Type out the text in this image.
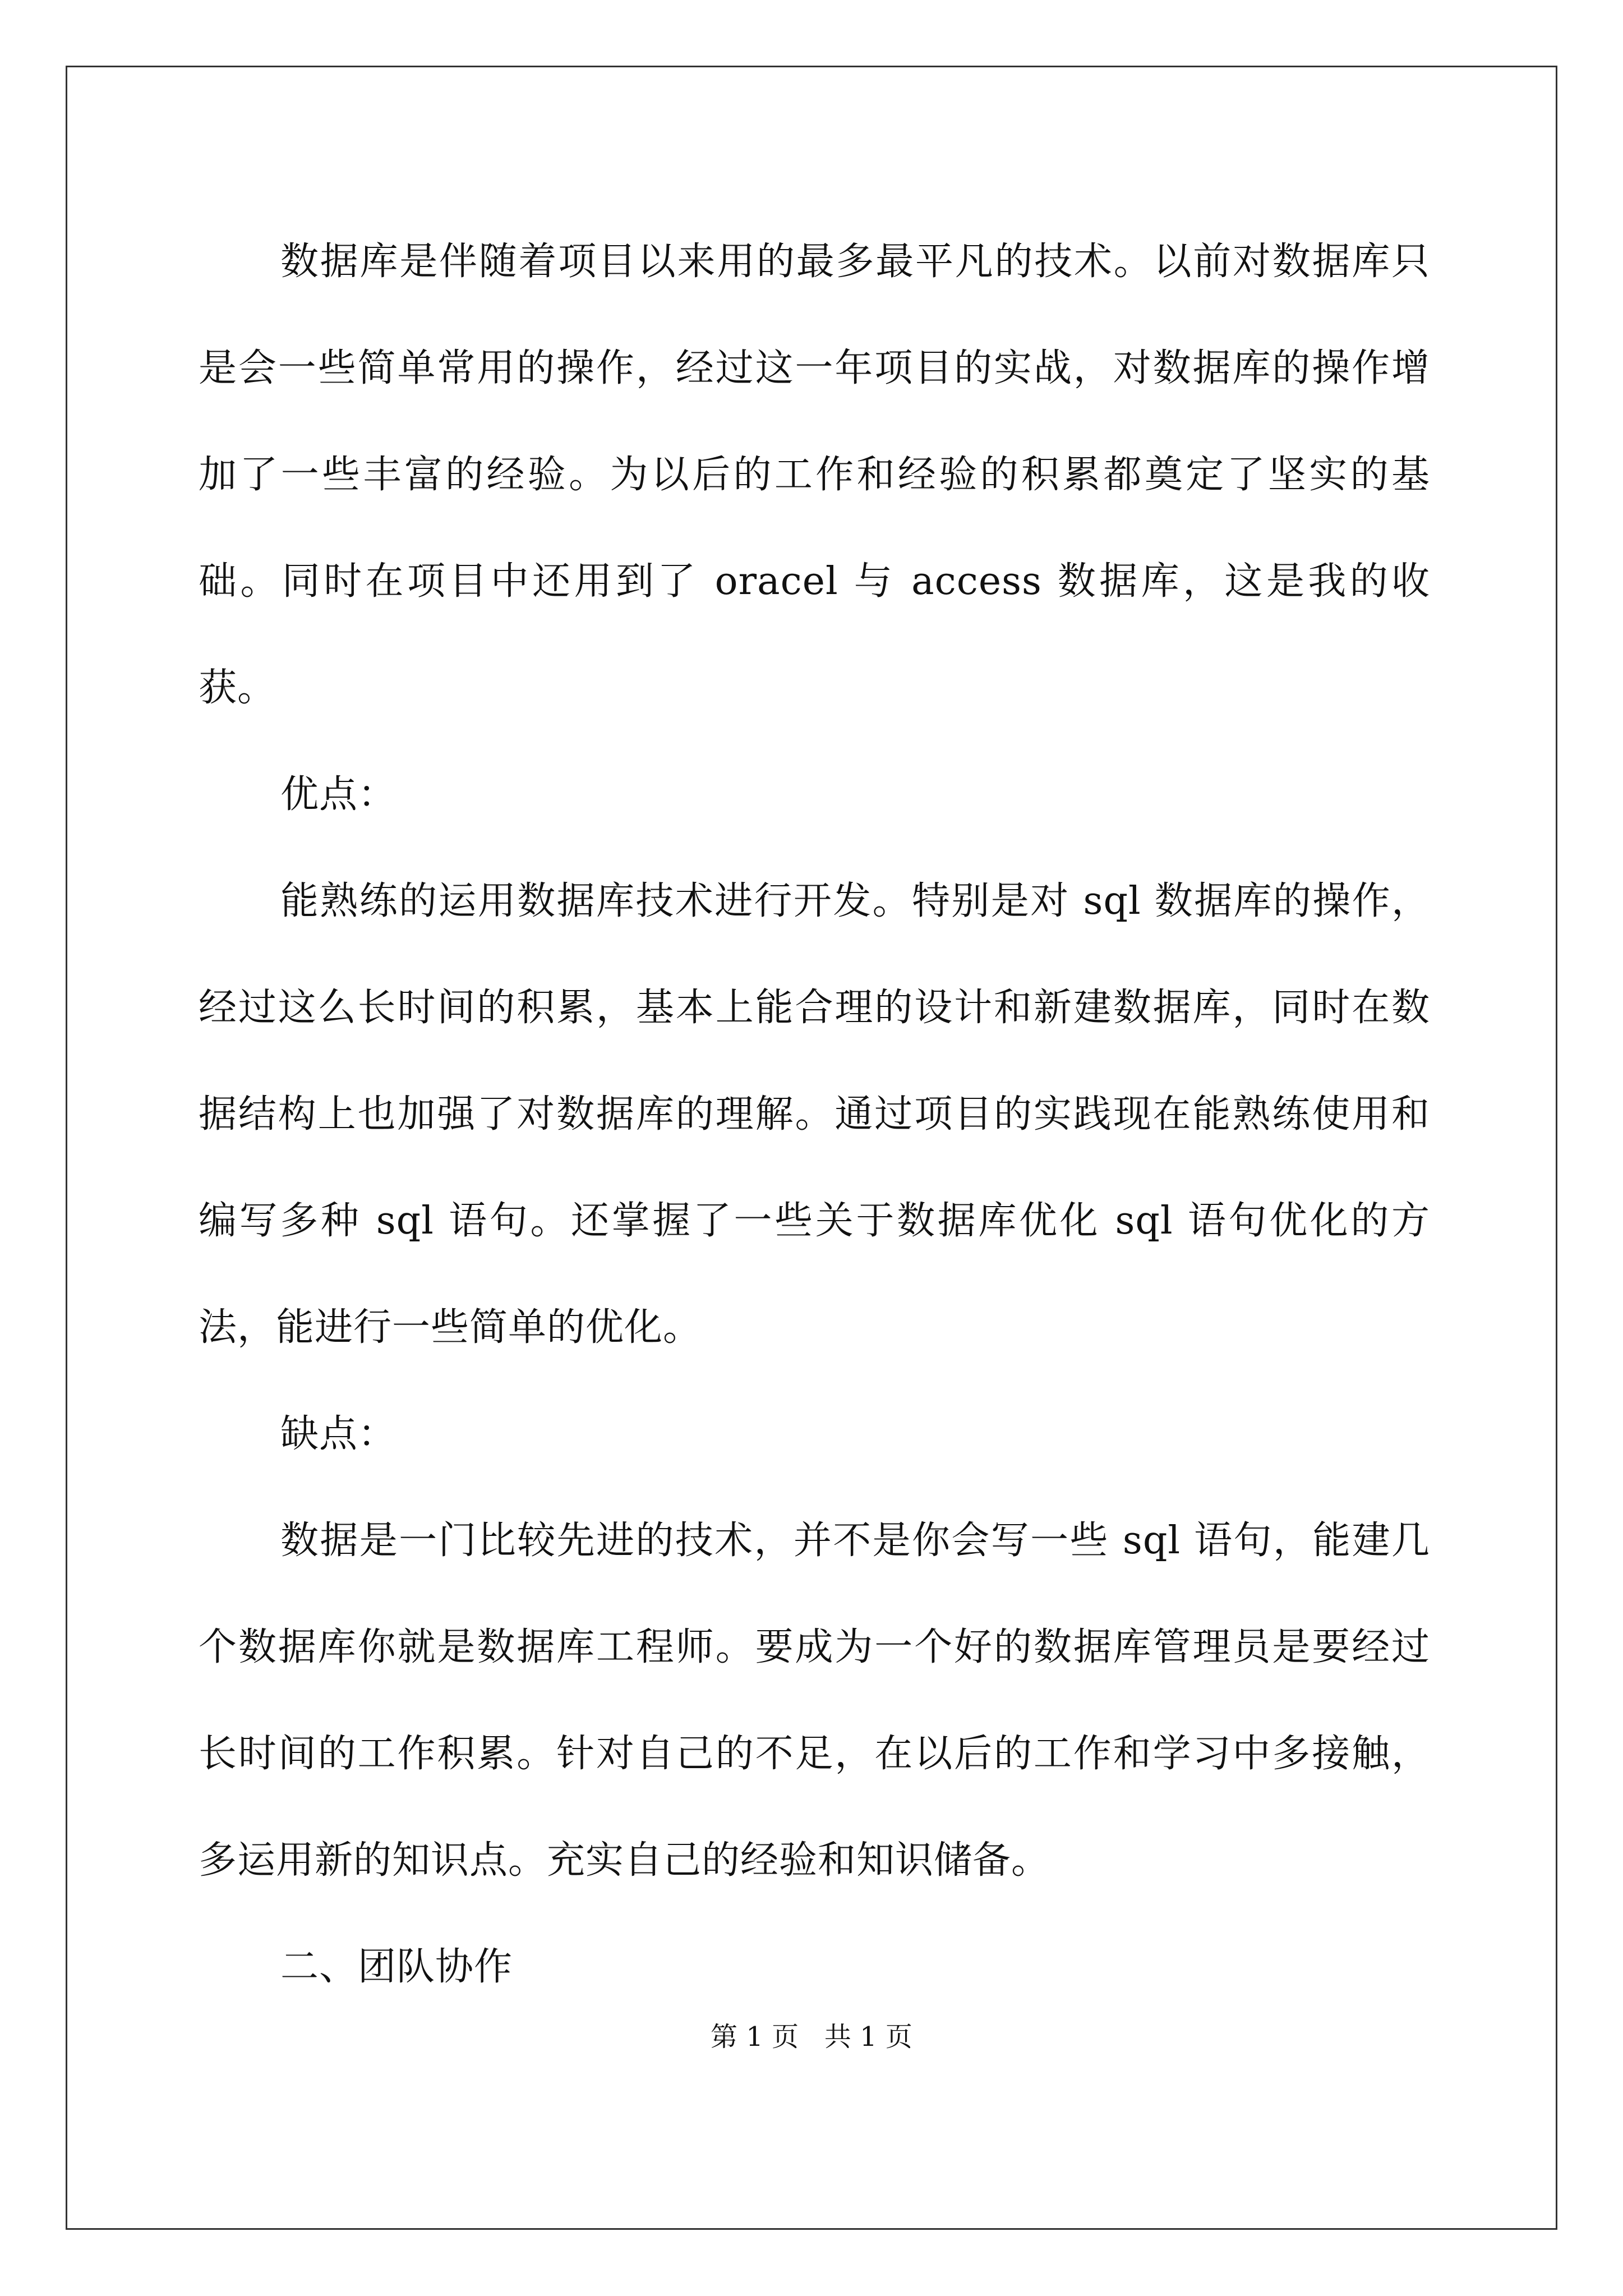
数据库是伴随着项目以来用的最多最平凡的技术。以前对数据库只是会一些简单常用的操作，经过这一年项目的实战，对数据库的操作增加了一些丰富的经验。为以后的工作和经验的积累都奠定了坚实的基础。同时在项目中还用到了 oracel 与 access 数据库，这是我的收获。

优点：

能熟练的运用数据库技术进行开发。特别是对 sql 数据库的操作，经过这么长时间的积累，基本上能合理的设计和新建数据库，同时在数据结构上也加强了对数据库的理解。通过项目的实践现在能熟练使用和编写多种 sql 语句。还掌握了一些关于数据库优化 sql 语句优化的方法，能进行一些简单的优化。

缺点：

数据是一门比较先进的技术，并不是你会写一些 sql 语句，能建几个数据库你就是数据库工程师。要成为一个好的数据库管理员是要经过长时间的工作积累。针对自己的不足，在以后的工作和学习中多接触，多运用新的知识点。充实自己的经验和知识储备。

二、团队协作

第 1 页   共 1 页
